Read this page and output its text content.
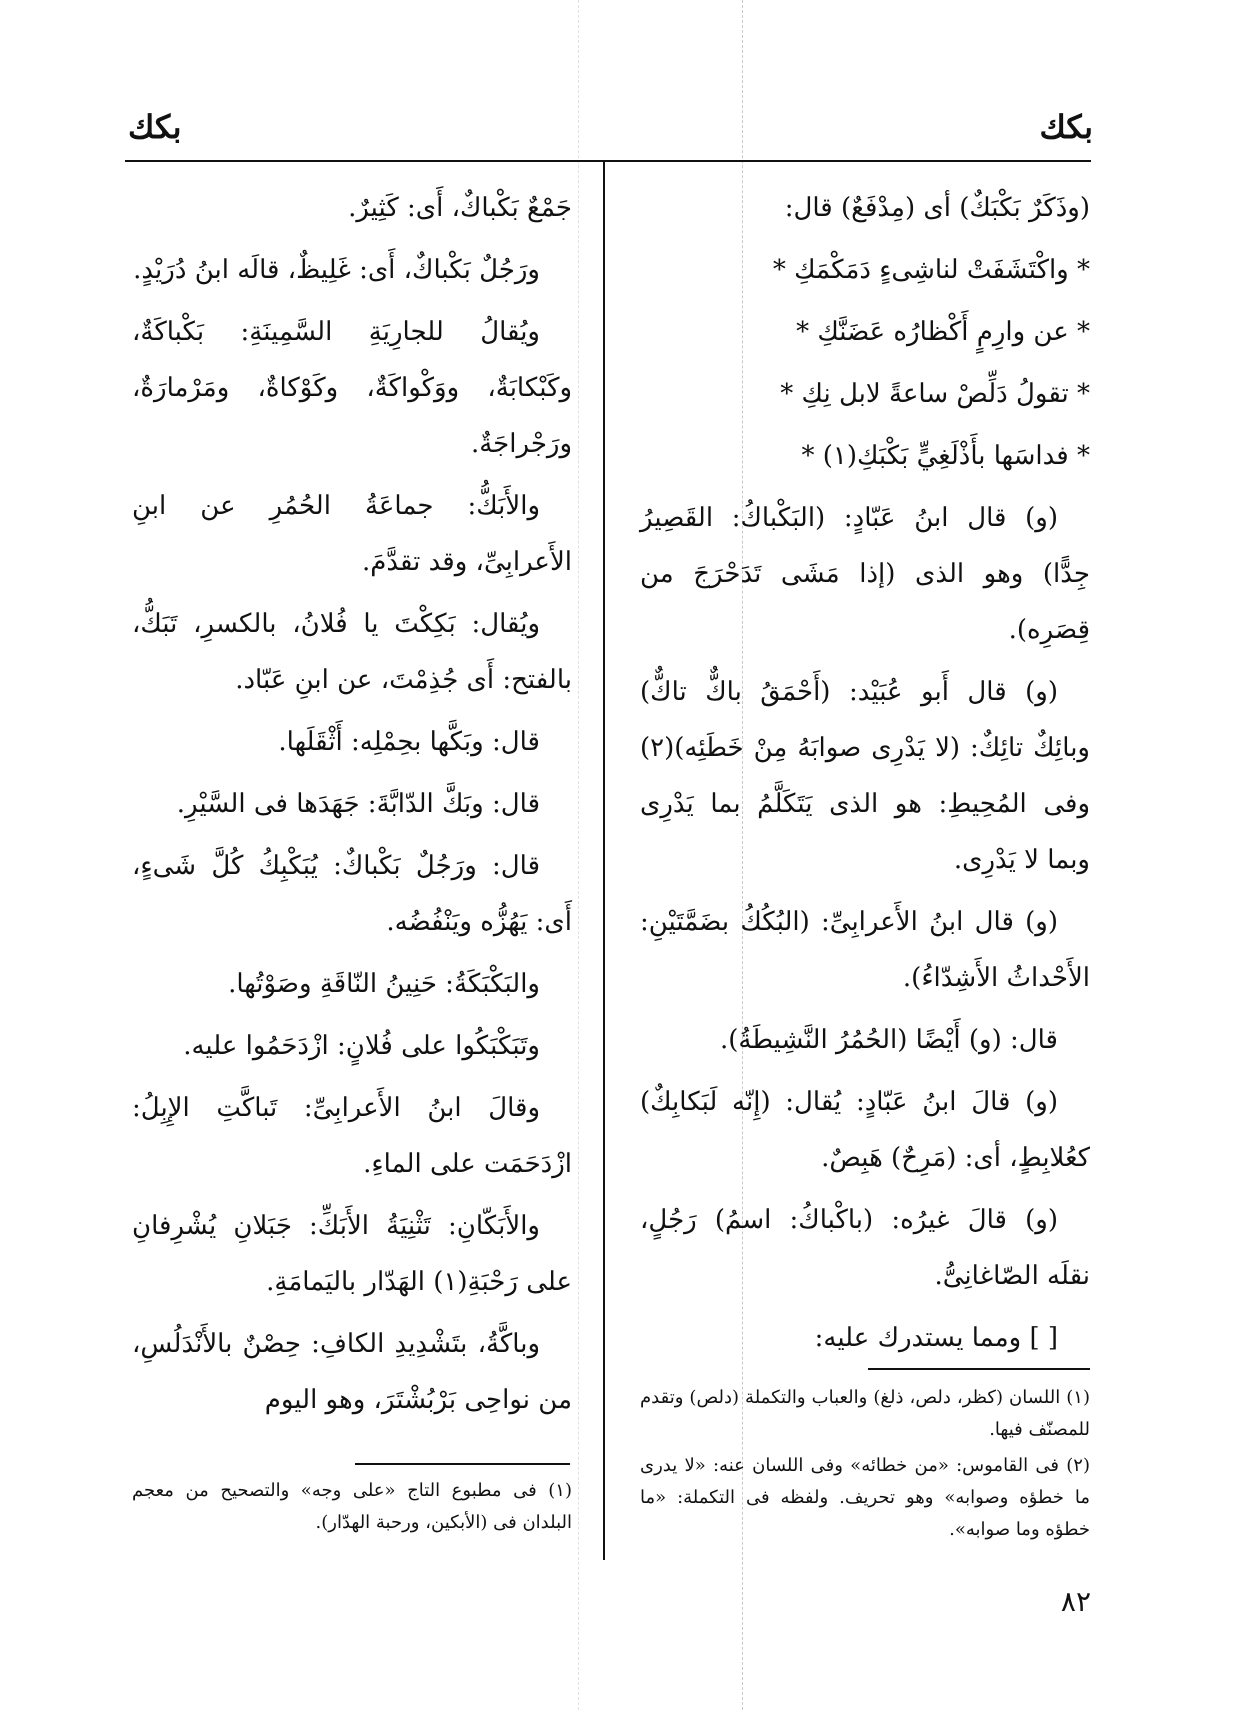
بكك
بكك

(وذَكَرٌ بَكْبَكٌ) أى (مِدْفَعٌ) قال:

* واكْتَشَفَتْ لناشِىءٍ دَمَكْمَكِ *

* عن وارِمٍ أَكْظارُه عَضَنَّكِ *

* تقولُ دَلِّصْ ساعةً لابل نِكِ *

* فداسَها بأَذْلَغِيٍّ بَكْبَكِ(١) *

(و) قال ابنُ عَبّادٍ: (البَكْباكُ: القَصِيرُ جِدًّا) وهو الذى (إذا مَشَى تَدَحْرَجَ من قِصَرِه).

(و) قال أَبو عُبَيْد: (أَحْمَقُ باكٌّ تاكٌّ) وبائِكٌ تائِكٌ: (لا يَدْرِى صوابَهُ مِنْ خَطَئِه)(٢) وفى المُحِيطِ: هو الذى يَتَكَلَّمُ بما يَدْرِى وبما لا يَدْرِى.

(و) قال ابنُ الأَعرابِىِّ: (البُكُكُ بضَمَّتَيْنِ: الأَحْداثُ الأَشِدّاءُ).

قال: (و) أَيْضًا (الحُمُرُ النَّشِيطَةُ).

(و) قالَ ابنُ عَبّادٍ: يُقال: (إِنّه لَبَكابِكٌ) كعُلابِطٍ، أى: (مَرِحٌ) هَبِصٌ.

(و) قالَ غيرُه: (باكْباكُ: اسمُ) رَجُلٍ، نقلَه الصّاغانِىُّ.

[ ] ومما يستدرك عليه:

جَمْعٌ بَكْباكٌ، أَى: كَثِيرٌ.

ورَجُلٌ بَكْباكٌ، أَى: غَلِيظٌ، قالَه ابنُ دُرَيْدٍ.

ويُقالُ للجارِيَةِ السَّمِينَةِ: بَكْباكَةٌ، وكَبْكابَةٌ، ووَكْواكَةٌ، وكَوْكاةٌ، ومَرْمارَةٌ، ورَجْراجَةٌ.

والأَبَكُّ: جماعَةُ الحُمُرِ عن ابنِ الأَعرابِىِّ، وقد تقدَّمَ.

ويُقال: بَكِكْتَ يا فُلانُ، بالكسرِ، تَبَكُّ، بالفتح: أَى جُذِمْتَ، عن ابنِ عَبّاد.

قال: وبَكَّها بحِمْلِه: أَثْقَلَها.

قال: وبَكَّ الدّابَّةَ: جَهَدَها فى السَّيْرِ.

قال: ورَجُلٌ بَكْباكٌ: يُبَكْبِكُ كُلَّ شَىءٍ، أَى: يَهُزُّه ويَنْفُضُه.

والبَكْبَكَةُ: حَنِينُ النّاقَةِ وصَوْتُها.

وتَبَكْبَكُوا على فُلانٍ: ازْدَحَمُوا عليه.

وقالَ ابنُ الأَعرابِىِّ: تَباكَّتِ الإِبِلُ: ازْدَحَمَت على الماءِ.

والأَبَكّانِ: تَثْنِيَةُ الأَبَكِّ: جَبَلانِ يُشْرِفانِ على رَحْبَةِ(١) الهَدّار باليَمامَةِ.

وباكَّةُ، بتَشْدِيدِ الكافِ: حِصْنٌ بالأَنْدَلُسِ، من نواحِى بَرْبُشْتَرَ، وهو اليوم	(١) اللسان (كظر، دلص، ذلغ) والعباب والتكملة (دلص) وتقدم للمصنّف فيها.

(٢) فى القاموس: «من خطائه» وفى اللسان عنه: «لا يدرى ما خطؤه وصوابه» وهو تحريف. ولفظه فى التكملة: «ما خطؤه وما صوابه».

(١) فى مطبوع التاج «على وجه» والتصحيح من معجم البلدان فى (الأبكين، ورحبة الهدّار).

٨٢
